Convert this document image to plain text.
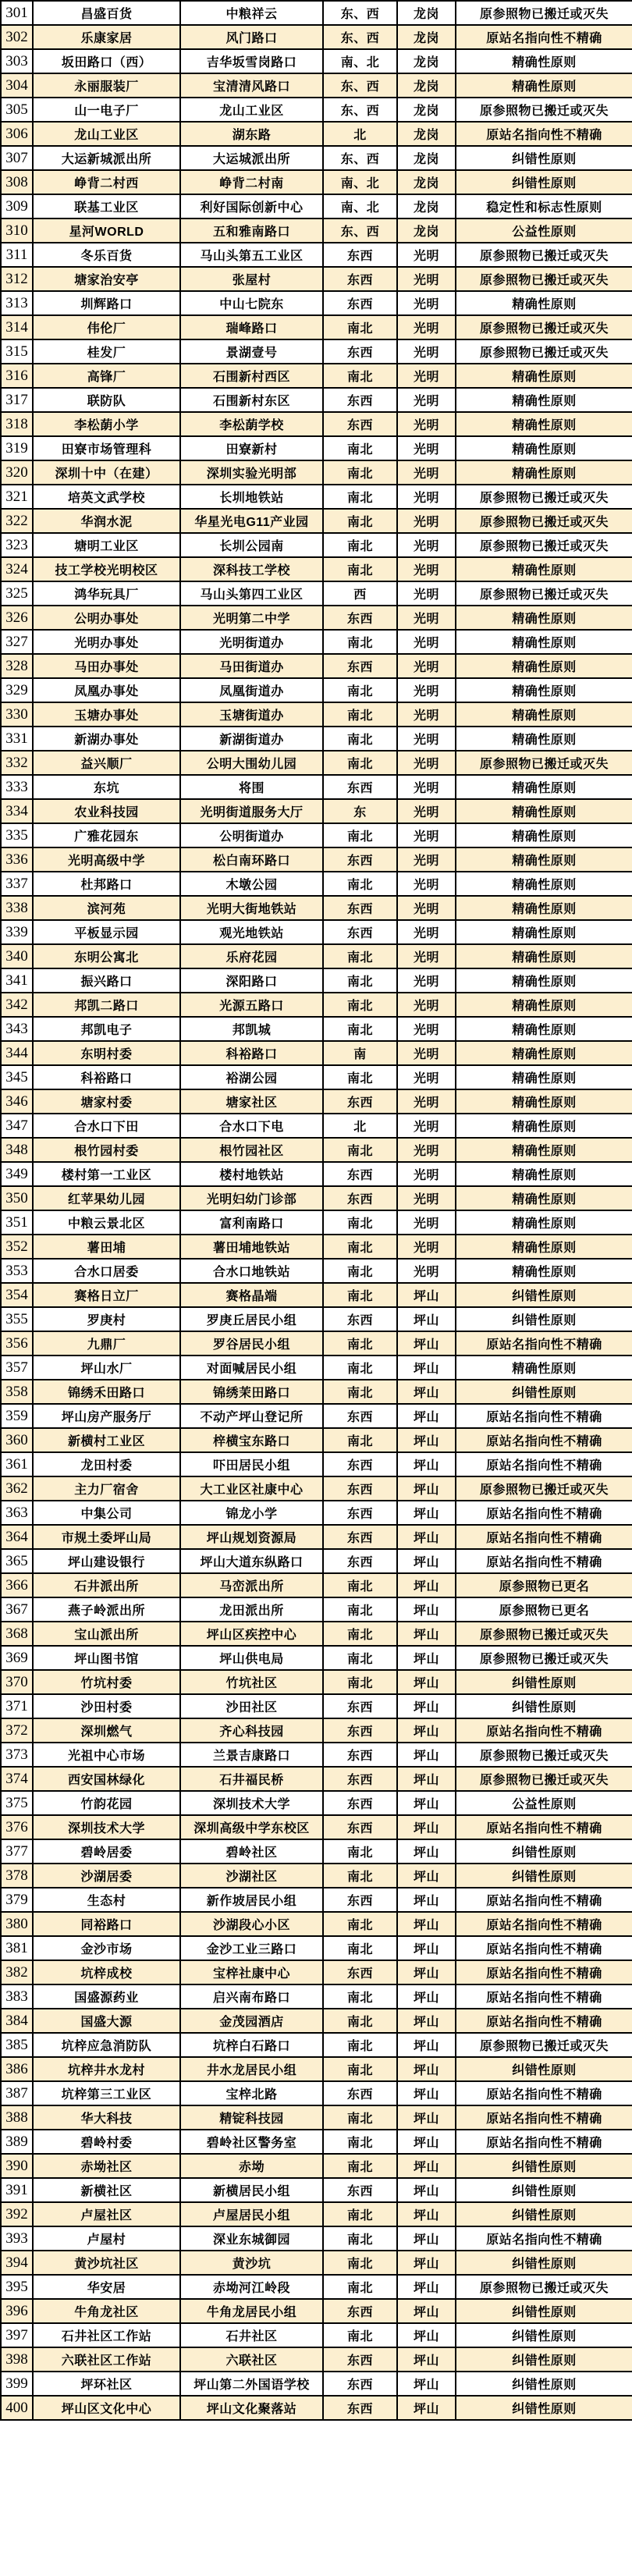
301	昌盛百货	中粮祥云	东、西	龙岗	原参照物已搬迁或灭失
302	乐康家居	风门路口	东、西	龙岗	原站名指向性不精确
303	坂田路口（西）	吉华坂雪岗路口	南、北	龙岗	精确性原则
304	永丽服装厂	宝清清风路口	东、西	龙岗	精确性原则
305	山一电子厂	龙山工业区	东、西	龙岗	原参照物已搬迁或灭失
306	龙山工业区	湖东路	北	龙岗	原站名指向性不精确
307	大运新城派出所	大运城派出所	东、西	龙岗	纠错性原则
308	峥背二村西	峥背二村南	南、北	龙岗	纠错性原则
309	联基工业区	利好国际创新中心	南、北	龙岗	稳定性和标志性原则
310	星河WORLD	五和雅南路口	东、西	龙岗	公益性原则
311	冬乐百货	马山头第五工业区	东西	光明	原参照物已搬迁或灭失
312	塘家治安亭	张屋村	东西	光明	原参照物已搬迁或灭失
313	圳辉路口	中山七院东	东西	光明	精确性原则
314	伟伦厂	瑞峰路口	南北	光明	原参照物已搬迁或灭失
315	桂发厂	景湖壹号	东西	光明	原参照物已搬迁或灭失
316	高锋厂	石围新村西区	南北	光明	精确性原则
317	联防队	石围新村东区	东西	光明	精确性原则
318	李松蓢小学	李松蓢学校	东西	光明	精确性原则
319	田寮市场管理科	田寮新村	南北	光明	精确性原则
320	深圳十中（在建）	深圳实验光明部	南北	光明	精确性原则
321	培英文武学校	长圳地铁站	南北	光明	原参照物已搬迁或灭失
322	华润水泥	华星光电G11产业园	南北	光明	原参照物已搬迁或灭失
323	塘明工业区	长圳公园南	南北	光明	原参照物已搬迁或灭失
324	技工学校光明校区	深科技工学校	南北	光明	精确性原则
325	鸿华玩具厂	马山头第四工业区	西	光明	原参照物已搬迁或灭失
326	公明办事处	光明第二中学	东西	光明	精确性原则
327	光明办事处	光明街道办	南北	光明	精确性原则
328	马田办事处	马田街道办	东西	光明	精确性原则
329	凤凰办事处	凤凰街道办	南北	光明	精确性原则
330	玉塘办事处	玉塘街道办	南北	光明	精确性原则
331	新湖办事处	新湖街道办	南北	光明	精确性原则
332	益兴顺厂	公明大围幼儿园	南北	光明	原参照物已搬迁或灭失
333	东坑	将围	东西	光明	精确性原则
334	农业科技园	光明街道服务大厅	东	光明	精确性原则
335	广雅花园东	公明街道办	南北	光明	精确性原则
336	光明高级中学	松白南环路口	东西	光明	精确性原则
337	杜邦路口	木墩公园	南北	光明	精确性原则
338	滨河苑	光明大街地铁站	东西	光明	精确性原则
339	平板显示园	观光地铁站	东西	光明	精确性原则
340	东明公寓北	乐府花园	南北	光明	精确性原则
341	振兴路口	深阳路口	南北	光明	精确性原则
342	邦凯二路口	光源五路口	南北	光明	精确性原则
343	邦凯电子	邦凯城	南北	光明	精确性原则
344	东明村委	科裕路口	南	光明	精确性原则
345	科裕路口	裕湖公园	南北	光明	精确性原则
346	塘家村委	塘家社区	东西	光明	精确性原则
347	合水口下田	合水口下电	北	光明	精确性原则
348	根竹园村委	根竹园社区	南北	光明	精确性原则
349	楼村第一工业区	楼村地铁站	东西	光明	精确性原则
350	红苹果幼儿园	光明妇幼门诊部	东西	光明	精确性原则
351	中粮云景北区	富利南路口	南北	光明	精确性原则
352	薯田埔	薯田埔地铁站	南北	光明	精确性原则
353	合水口居委	合水口地铁站	南北	光明	精确性原则
354	赛格日立厂	赛格晶端	南北	坪山	纠错性原则
355	罗庚村	罗庚丘居民小组	东西	坪山	纠错性原则
356	九鼎厂	罗谷居民小组	南北	坪山	原站名指向性不精确
357	坪山水厂	对面喊居民小组	南北	坪山	精确性原则
358	锦绣禾田路口	锦绣茉田路口	南北	坪山	纠错性原则
359	坪山房产服务厅	不动产坪山登记所	东西	坪山	原站名指向性不精确
360	新横村工业区	梓横宝东路口	南北	坪山	原站名指向性不精确
361	龙田村委	吓田居民小组	东西	坪山	原站名指向性不精确
362	主力厂宿舍	大工业区社康中心	东西	坪山	原参照物已搬迁或灭失
363	中集公司	锦龙小学	东西	坪山	原站名指向性不精确
364	市规土委坪山局	坪山规划资源局	东西	坪山	原站名指向性不精确
365	坪山建设银行	坪山大道东纵路口	东西	坪山	原站名指向性不精确
366	石井派出所	马峦派出所	南北	坪山	原参照物已更名
367	燕子岭派出所	龙田派出所	南北	坪山	原参照物已更名
368	宝山派出所	坪山区疾控中心	南北	坪山	原参照物已搬迁或灭失
369	坪山图书馆	坪山供电局	南北	坪山	原参照物已搬迁或灭失
370	竹坑村委	竹坑社区	南北	坪山	纠错性原则
371	沙田村委	沙田社区	东西	坪山	纠错性原则
372	深圳燃气	齐心科技园	东西	坪山	原站名指向性不精确
373	光祖中心市场	兰景吉康路口	东西	坪山	原参照物已搬迁或灭失
374	西安国林绿化	石井福民桥	东西	坪山	原参照物已搬迁或灭失
375	竹韵花园	深圳技术大学	东西	坪山	公益性原则
376	深圳技术大学	深圳高级中学东校区	东西	坪山	原站名指向性不精确
377	碧岭居委	碧岭社区	南北	坪山	纠错性原则
378	沙湖居委	沙湖社区	南北	坪山	纠错性原则
379	生态村	新作坡居民小组	东西	坪山	原站名指向性不精确
380	同裕路口	沙湖段心小区	南北	坪山	原站名指向性不精确
381	金沙市场	金沙工业三路口	南北	坪山	原站名指向性不精确
382	坑梓成校	宝梓社康中心	东西	坪山	原站名指向性不精确
383	国盛源药业	启兴南布路口	南北	坪山	原站名指向性不精确
384	国盛大源	金茂园酒店	南北	坪山	原站名指向性不精确
385	坑梓应急消防队	坑梓白石路口	南北	坪山	原参照物已搬迁或灭失
386	坑梓井水龙村	井水龙居民小组	南北	坪山	纠错性原则
387	坑梓第三工业区	宝梓北路	东西	坪山	原站名指向性不精确
388	华大科技	精锭科技园	南北	坪山	原站名指向性不精确
389	碧岭村委	碧岭社区警务室	南北	坪山	原站名指向性不精确
390	赤坳社区	赤坳	南北	坪山	纠错性原则
391	新横社区	新横居民小组	东西	坪山	纠错性原则
392	卢屋社区	卢屋居民小组	南北	坪山	纠错性原则
393	卢屋村	深业东城御园	南北	坪山	原站名指向性不精确
394	黄沙坑社区	黄沙坑	南北	坪山	纠错性原则
395	华安居	赤坳河江岭段	南北	坪山	原参照物已搬迁或灭失
396	牛角龙社区	牛角龙居民小组	东西	坪山	纠错性原则
397	石井社区工作站	石井社区	南北	坪山	纠错性原则
398	六联社区工作站	六联社区	东西	坪山	纠错性原则
399	坪环社区	坪山第二外国语学校	东西	坪山	纠错性原则
400	坪山区文化中心	坪山文化聚落站	东西	坪山	纠错性原则
